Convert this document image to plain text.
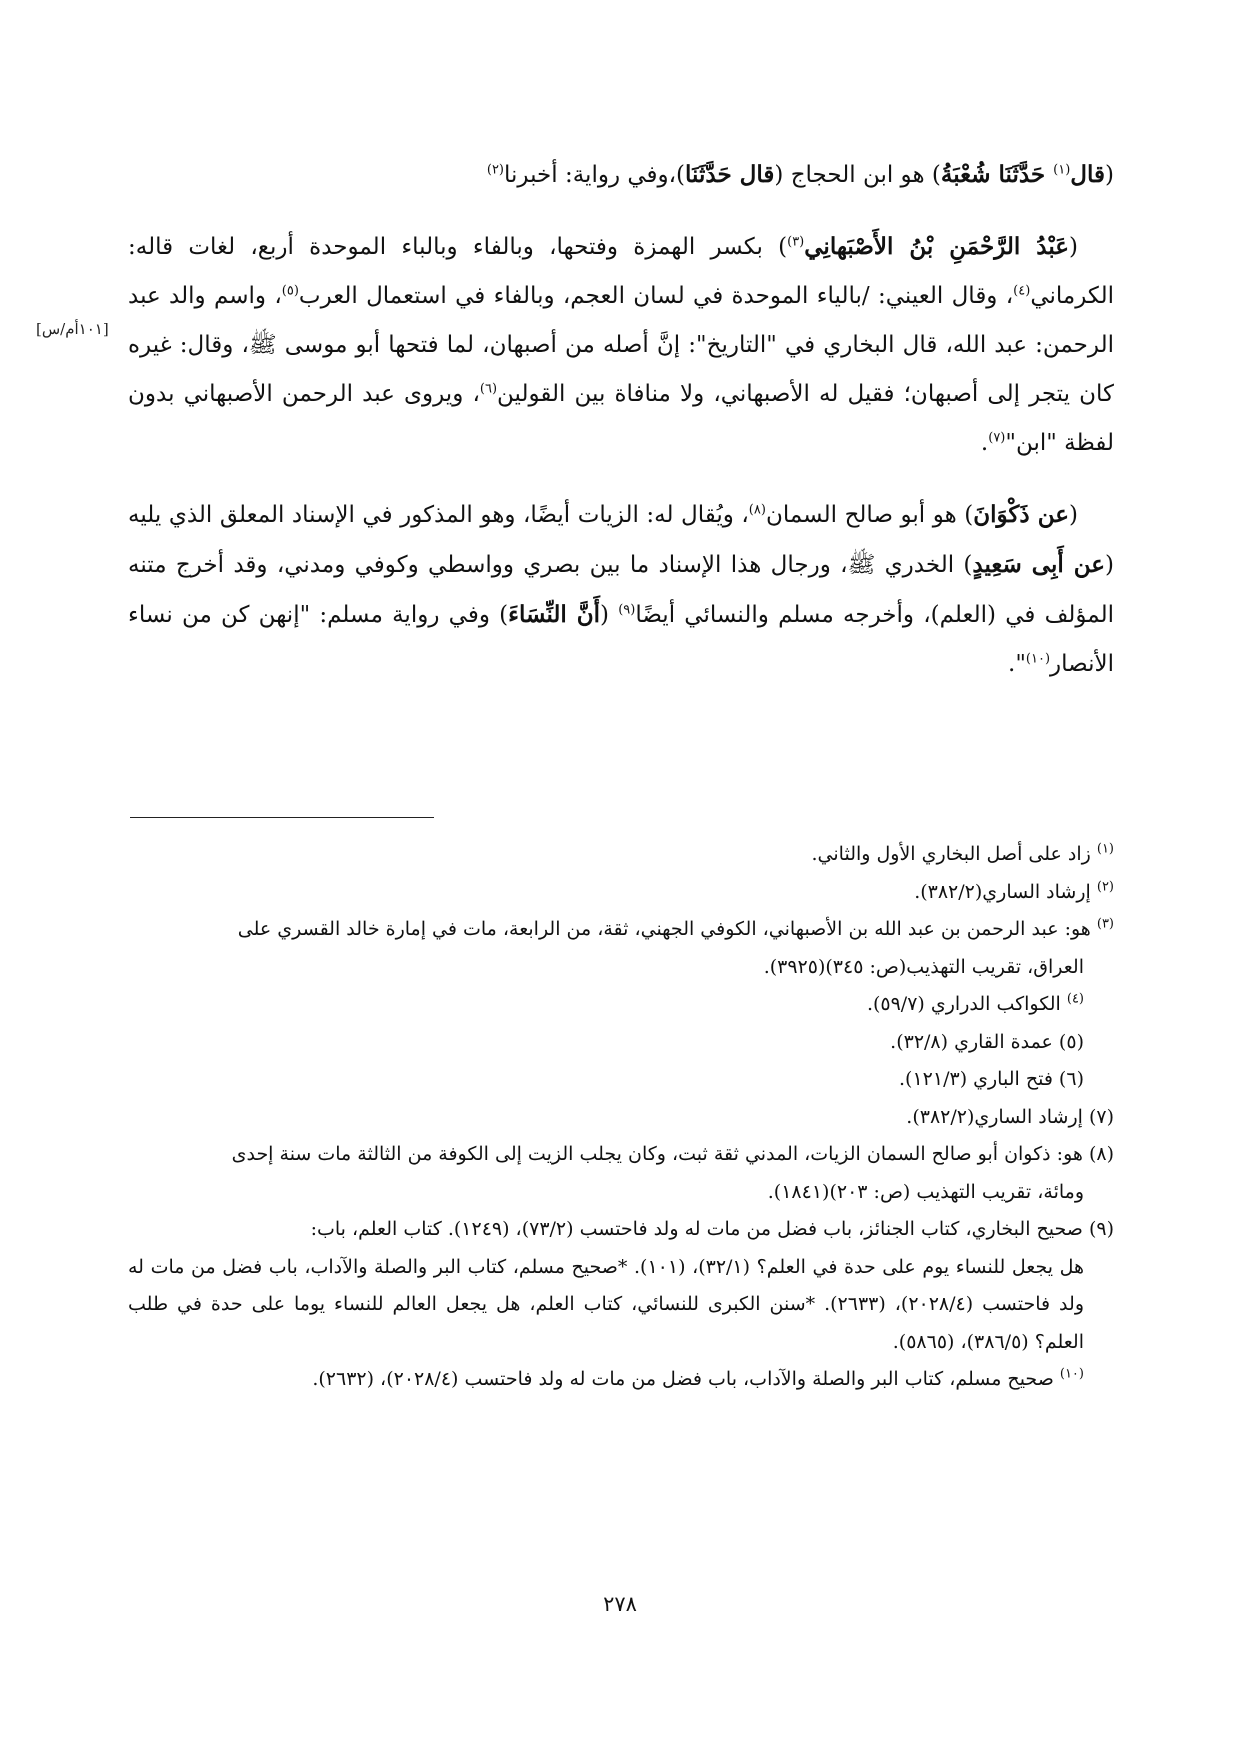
(قال$^{(١)}$ حَدَّثَنَا شُعْبَةُ) هو ابن الحجاج (قال حَدَّثَنَا)،وفي رواية: أخبرنا$^{(٢)}$

(عَبْدُ الرَّحْمَنِ بْنُ الأَصْبَهانِي$^{(٣)}$) بكسر الهمزة وفتحها، وبالفاء وبالباء الموحدة أربع، لغات قاله: الكرماني$^{(٤)}$، وقال العيني: /بالياء الموحدة في لسان العجم، وبالفاء في استعمال العرب$^{(٥)}$، واسم والد عبد الرحمن: عبد الله، قال البخاري في "التاريخ": إنَّ أصله من أصبهان، لما فتحها أبو موسى ﷺ، وقال: غيره كان يتجر إلى أصبهان؛ فقيل له الأصبهاني، ولا منافاة بين القولين$^{(٦)}$، ويروى عبد الرحمن الأصبهاني بدون لفظة "ابن"$^{(٧)}$.

(عن ذَكْوَانَ) هو أبو صالح السمان$^{(٨)}$، ويُقال له: الزيات أيضًا، وهو المذكور في الإسناد المعلق الذي يليه (عن أَبِى سَعِيدٍ) الخدري ﷺ، ورجال هذا الإسناد ما بين بصري وواسطي وكوفي ومدني، وقد أخرج متنه المؤلف في (العلم)، وأخرجه مسلم والنسائي أيضًا$^{(٩)}$ (أَنَّ النِّسَاءَ) وفي رواية مسلم: "إنهن كن من نساء الأنصار$^{(١٠)}$".

[١٠١أم/س]

$^{(١)}$ زاد على أصل البخاري الأول والثاني.

$^{(٢)}$ إرشاد الساري(٣٨٢/٢).

$^{(٣)}$ هو: عبد الرحمن بن عبد الله بن الأصبهاني، الكوفي الجهني، ثقة، من الرابعة، مات في إمارة خالد القسري على
العراق، تقريب التهذيب(ص: ٣٤٥)(٣٩٢٥).

$^{(٤)}$ الكواكب الدراري (٥٩/٧).

(٥) عمدة القاري (٣٢/٨).

(٦) فتح الباري (١٢١/٣).

(٧) إرشاد الساري(٣٨٢/٢).

(٨) هو: ذكوان أبو صالح السمان الزيات، المدني ثقة ثبت، وكان يجلب الزيت إلى الكوفة من الثالثة مات سنة إحدى
ومائة، تقريب التهذيب (ص: ٢٠٣)(١٨٤١).

(٩) صحيح البخاري، كتاب الجنائز، باب فضل من مات له ولد فاحتسب (٧٣/٢)، (١٢٤٩). كتاب العلم، باب:
هل يجعل للنساء يوم على حدة في العلم؟ (٣٢/١)، (١٠١). *صحيح مسلم، كتاب البر والصلة والآداب، باب فضل من مات له ولد فاحتسب (٢٠٢٨/٤)، (٢٦٣٣). *سنن الكبرى للنسائي، كتاب العلم، هل يجعل العالم للنساء يوما على حدة في طلب العلم؟ (٣٨٦/٥)، (٥٨٦٥).

$^{(١٠)}$ صحيح مسلم، كتاب البر والصلة والآداب، باب فضل من مات له ولد فاحتسب (٢٠٢٨/٤)، (٢٦٣٢).

٢٧٨
